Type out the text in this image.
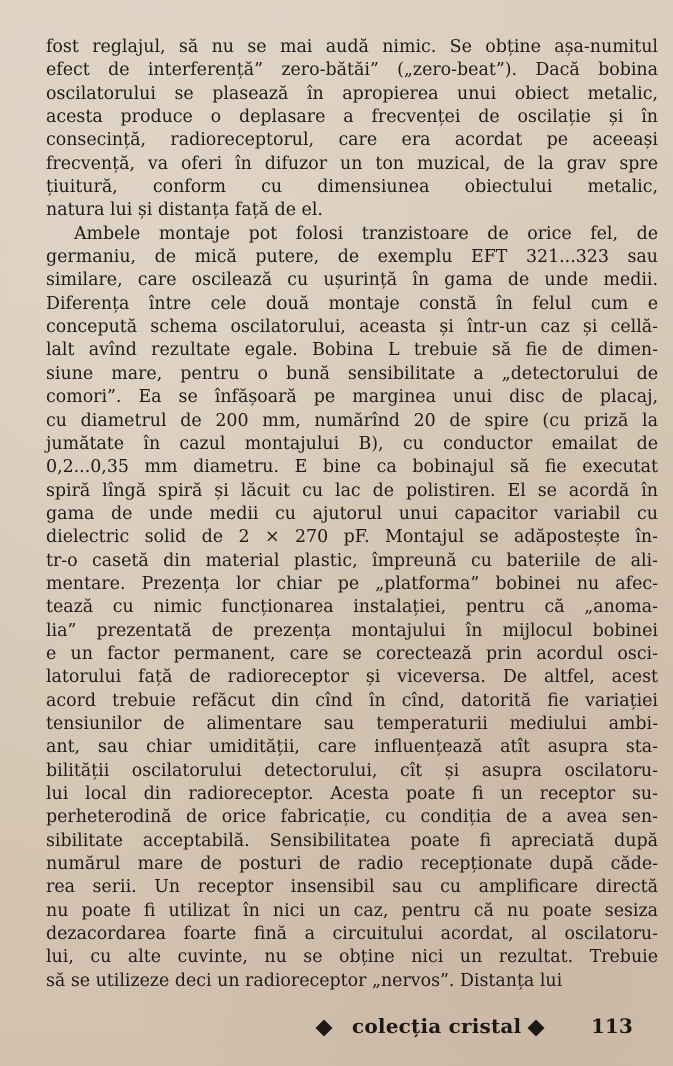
fost reglajul, să nu se mai audă nimic. Se obține așa-numitul
efect de interferență” zero-bătăi” („zero-beat”). Dacă bobina
oscilatorului se plasează în apropierea unui obiect metalic,
acesta produce o deplasare a frecvenței de oscilație și în
consecință, radioreceptorul, care era acordat pe aceeași
frecvență, va oferi în difuzor un ton muzical, de la grav spre
țiuitură, conform cu dimensiunea obiectului metalic,
natura lui și distanța față de el.
Ambele montaje pot folosi tranzistoare de orice fel, de
germaniu, de mică putere, de exemplu EFT 321...323 sau
similare, care oscilează cu ușurință în gama de unde medii.
Diferența între cele două montaje constă în felul cum e
concepută schema oscilatorului, aceasta și într-un caz și cellă-
lalt avînd rezultate egale. Bobina L trebuie să fie de dimen-
siune mare, pentru o bună sensibilitate a „detectorului de
comori”. Ea se înfășoară pe marginea unui disc de placaj,
cu diametrul de 200 mm, numărînd 20 de spire (cu priză la
jumătate în cazul montajului B), cu conductor emailat de
0,2...0,35 mm diametru. E bine ca bobinajul să fie executat
spiră lîngă spiră și lăcuit cu lac de polistiren. El se acordă în
gama de unde medii cu ajutorul unui capacitor variabil cu
dielectric solid de 2 × 270 pF. Montajul se adăpostește în-
tr-o casetă din material plastic, împreună cu bateriile de ali-
mentare. Prezența lor chiar pe „platforma” bobinei nu afec-
tează cu nimic funcționarea instalației, pentru că „anoma-
lia” prezentată de prezența montajului în mijlocul bobinei
e un factor permanent, care se corectează prin acordul osci-
latorului față de radioreceptor și viceversa. De altfel, acest
acord trebuie refăcut din cînd în cînd, datorită fie variației
tensiunilor de alimentare sau temperaturii mediului ambi-
ant, sau chiar umidității, care influențează atît asupra sta-
bilității oscilatorului detectorului, cît și asupra oscilatoru-
lui local din radioreceptor. Acesta poate fi un receptor su-
perheterodină de orice fabricație, cu condiția de a avea sen-
sibilitate acceptabilă. Sensibilitatea poate fi apreciată după
numărul mare de posturi de radio recepționate după căde-
rea serii. Un receptor insensibil sau cu amplificare directă
nu poate fi utilizat în nici un caz, pentru că nu poate sesiza
dezacordarea foarte fină a circuitului acordat, al oscilatoru-
lui, cu alte cuvinte, nu se obține nici un rezultat. Trebuie
să se utilizeze deci un radioreceptor „nervos”. Distanța lui
colecția cristal	113
